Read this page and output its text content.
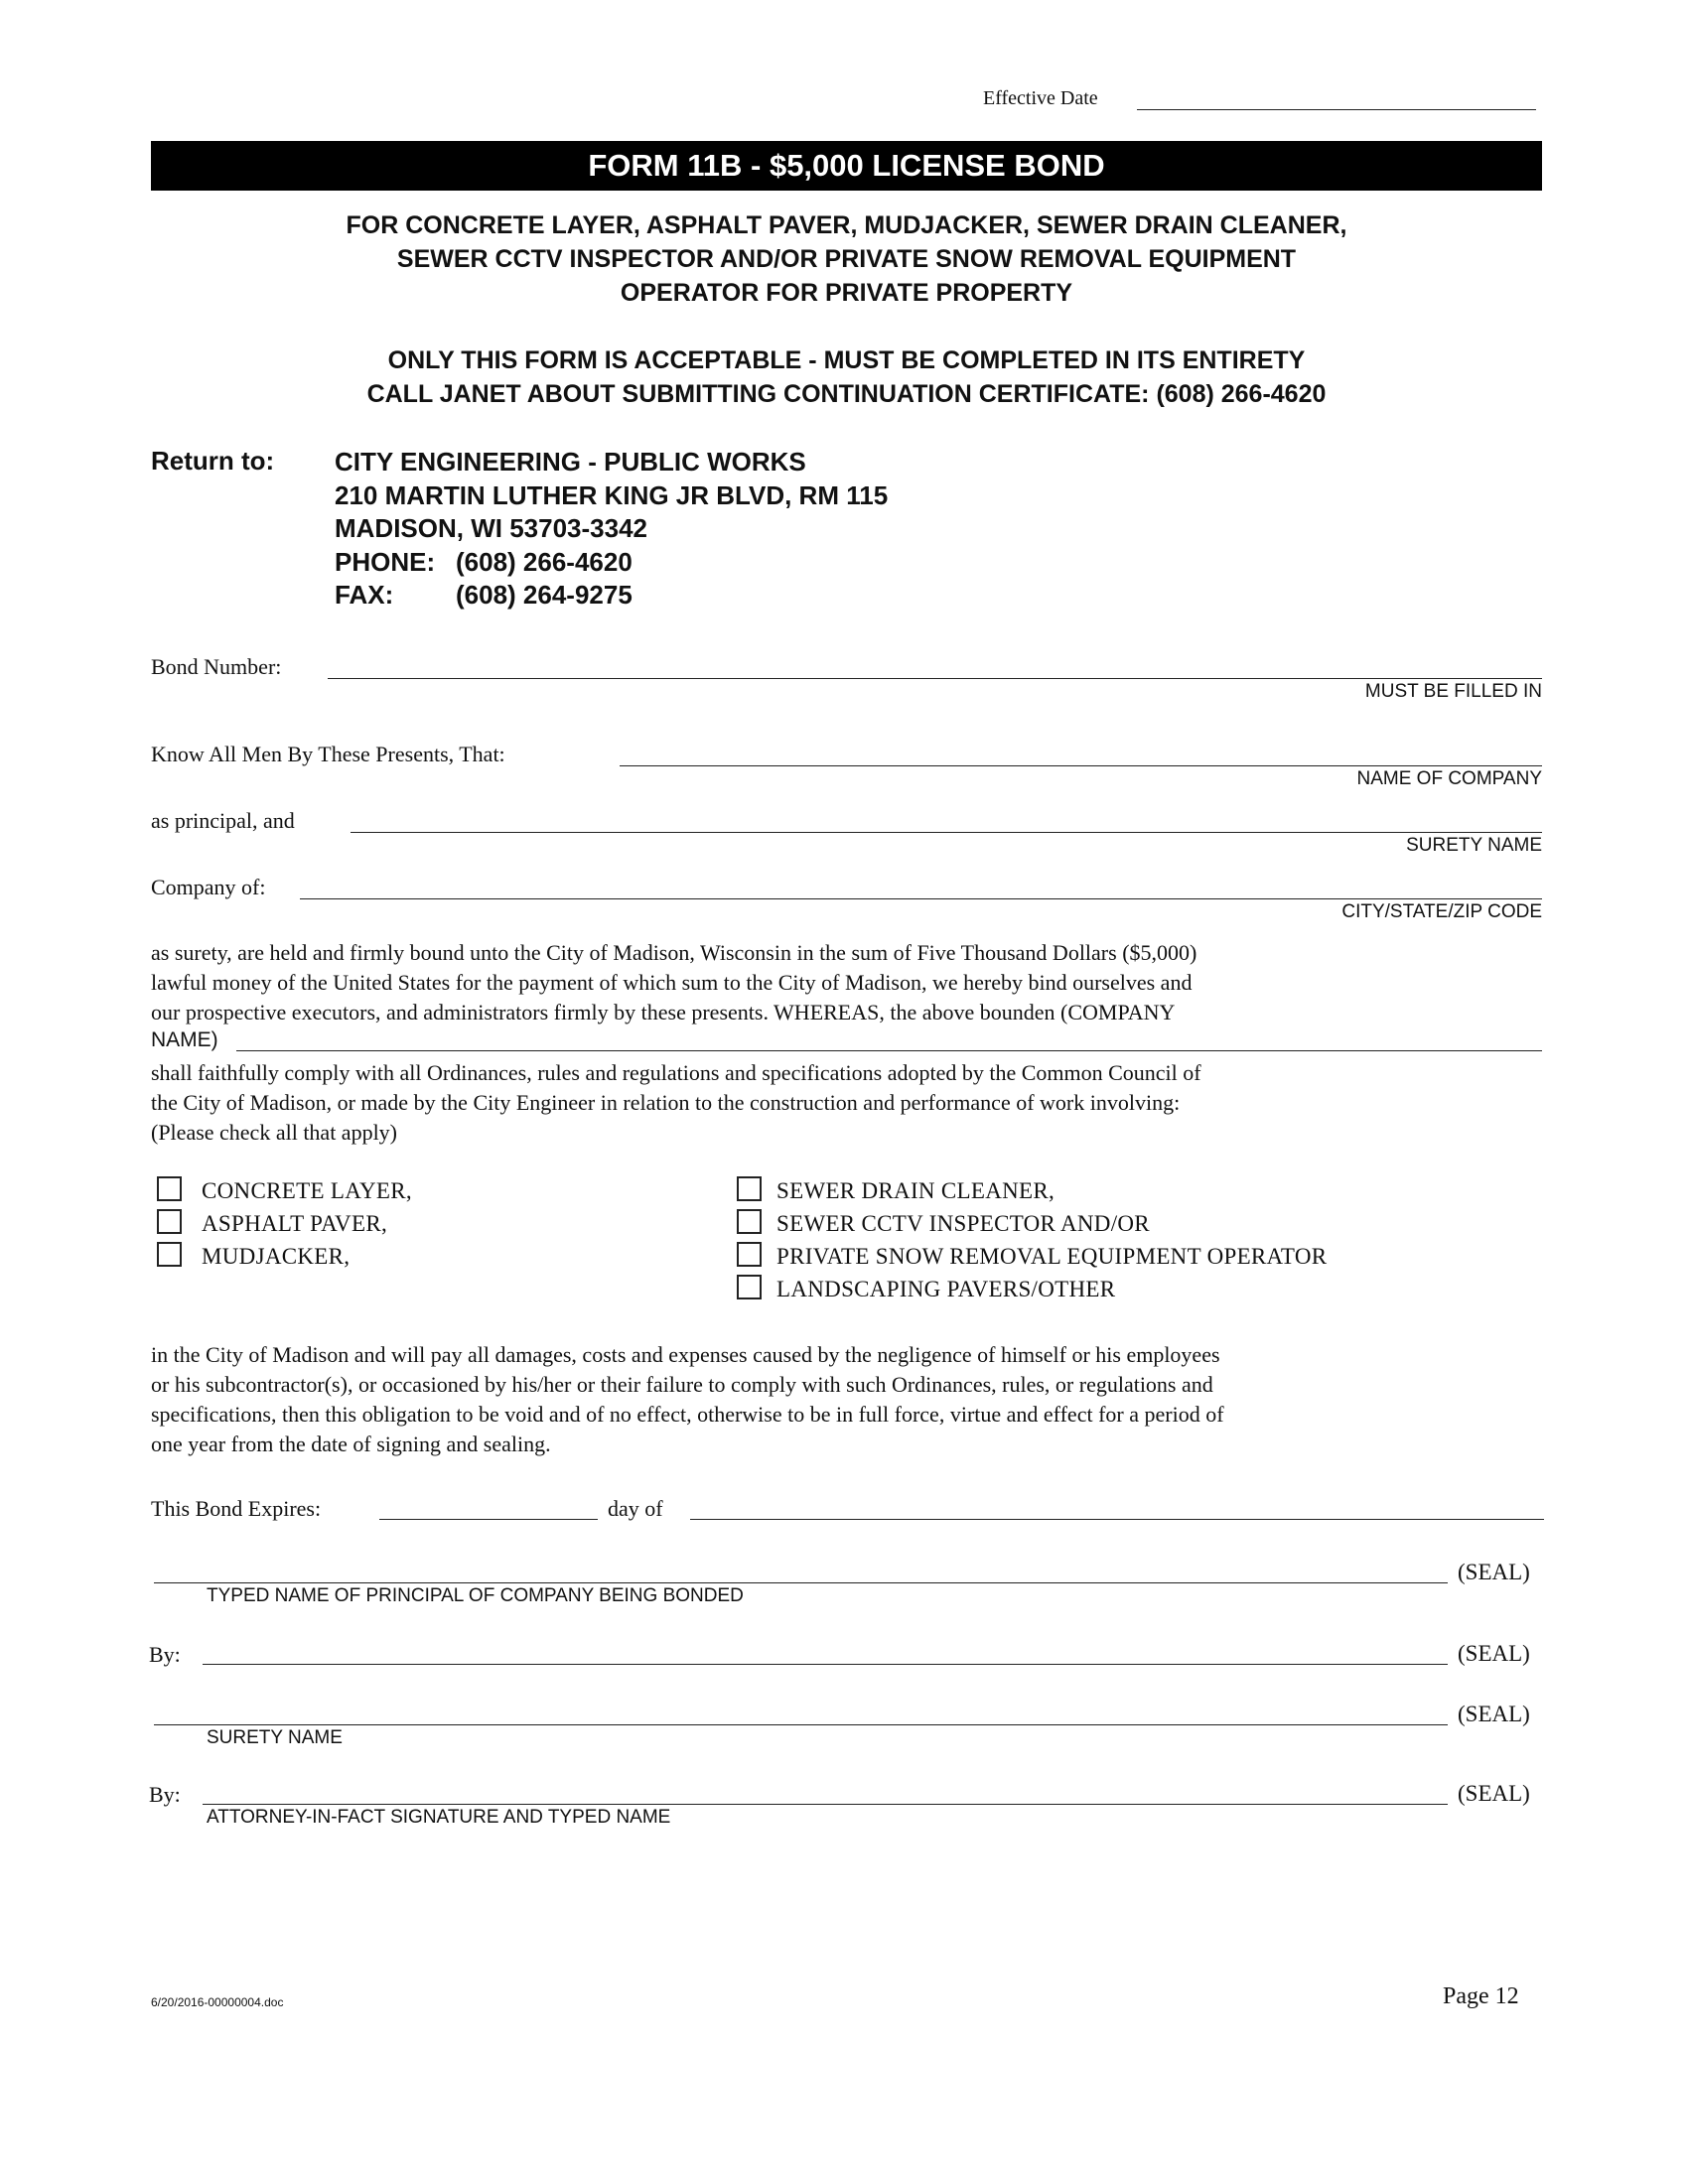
Effective Date
FORM 11B - $5,000 LICENSE BOND
FOR CONCRETE LAYER, ASPHALT PAVER, MUDJACKER, SEWER DRAIN CLEANER,
SEWER CCTV INSPECTOR AND/OR PRIVATE SNOW REMOVAL EQUIPMENT
OPERATOR FOR PRIVATE PROPERTY
ONLY THIS FORM IS ACCEPTABLE - MUST BE COMPLETED IN ITS ENTIRETY
CALL JANET ABOUT SUBMITTING CONTINUATION CERTIFICATE: (608) 266-4620
Return to: CITY ENGINEERING - PUBLIC WORKS
210 MARTIN LUTHER KING JR BLVD, RM 115
MADISON, WI 53703-3342
PHONE: (608) 266-4620
FAX: (608) 264-9275
Bond Number:
MUST BE FILLED IN
Know All Men By These Presents, That:
NAME OF COMPANY
as principal, and
SURETY NAME
Company of:
CITY/STATE/ZIP CODE
as surety, are held and firmly bound unto the City of Madison, Wisconsin in the sum of Five Thousand Dollars ($5,000)
lawful money of the United States for the payment of which sum to the City of Madison, we hereby bind ourselves and
our prospective executors, and administrators firmly by these presents. WHEREAS, the above bounden (COMPANY
NAME)
shall faithfully comply with all Ordinances, rules and regulations and specifications adopted by the Common Council of
the City of Madison, or made by the City Engineer in relation to the construction and performance of work involving:
(Please check all that apply)
CONCRETE LAYER,
ASPHALT PAVER,
MUDJACKER,
SEWER DRAIN CLEANER,
SEWER CCTV INSPECTOR AND/OR
PRIVATE SNOW REMOVAL EQUIPMENT OPERATOR
LANDSCAPING PAVERS/OTHER
in the City of Madison and will pay all damages, costs and expenses caused by the negligence of himself or his employees
or his subcontractor(s), or occasioned by his/her or their failure to comply with such Ordinances, rules, or regulations and
specifications, then this obligation to be void and of no effect, otherwise to be in full force, virtue and effect for a period of
one year from the date of signing and sealing.
This Bond Expires:	day of
(SEAL)
TYPED NAME OF PRINCIPAL OF COMPANY BEING BONDED
By:	(SEAL)
(SEAL)
SURETY NAME
By:	(SEAL)
ATTORNEY-IN-FACT SIGNATURE AND TYPED NAME
6/20/2016-00000004.doc	Page 12
